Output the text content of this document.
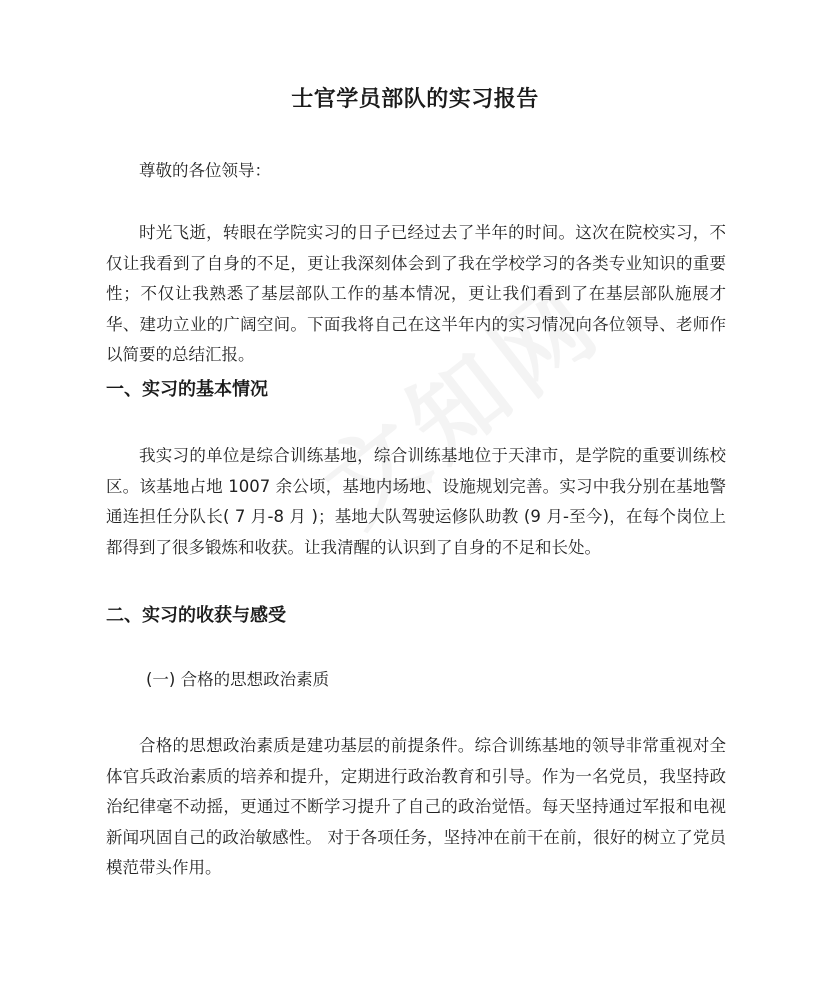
士官学员部队的实习报告
尊敬的各位领导：
时光飞逝，转眼在学院实习的日子已经过去了半年的时间。这次在院校实习，不仅让我看到了自身的不足，更让我深刻体会到了我在学校学习的各类专业知识的重要性；不仅让我熟悉了基层部队工作的基本情况，更让我们看到了在基层部队施展才华、建功立业的广阔空间。下面我将自己在这半年内的实习情况向各位领导、老师作以简要的总结汇报。
一、实习的基本情况
我实习的单位是综合训练基地，综合训练基地位于天津市，是学院的重要训练校区。该基地占地 1007 余公顷，基地内场地、设施规划完善。实习中我分别在基地警通连担任分队长( 7 月-8 月 )；基地大队驾驶运修队助教 (9 月-至今)，在每个岗位上都得到了很多锻炼和收获。让我清醒的认识到了自身的不足和长处。
二、实习的收获与感受
(一) 合格的思想政治素质
合格的思想政治素质是建功基层的前提条件。综合训练基地的领导非常重视对全体官兵政治素质的培养和提升，定期进行政治教育和引导。作为一名党员，我坚持政治纪律毫不动摇，更通过不断学习提升了自己的政治觉悟。每天坚持通过军报和电视新闻巩固自己的政治敏感性。 对于各项任务，坚持冲在前干在前，很好的树立了党员模范带头作用。
